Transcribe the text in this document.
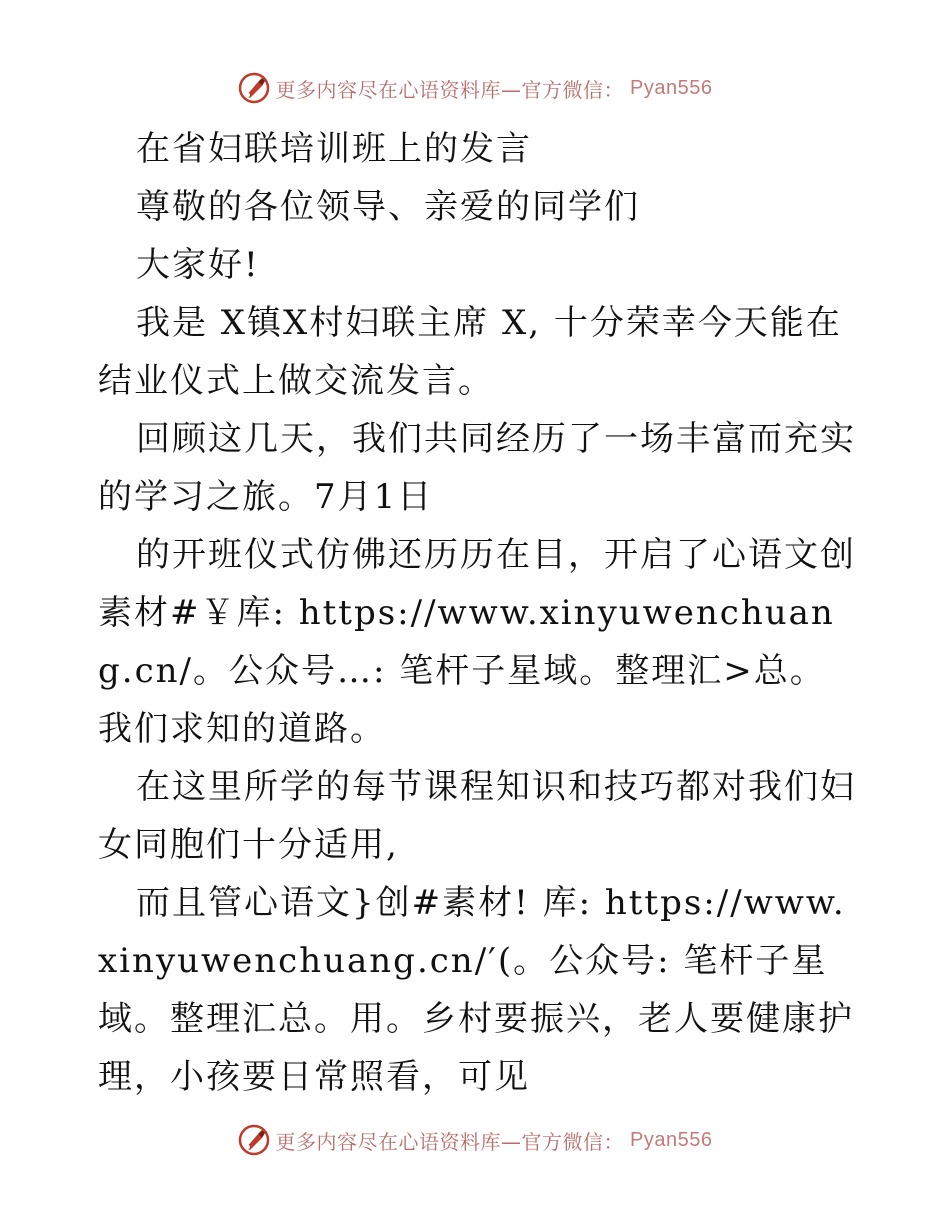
更多内容尽在心语资料库—官方微信： Pyan556

在省妇联培训班上的发言

尊敬的各位领导、亲爱的同学们

大家好!

我是 X镇X村妇联主席 X, 十分荣幸今天能在结业仪式上做交流发言。

回顾这几天，我们共同经历了一场丰富而充实的学习之旅。7月1日

的开班仪式仿佛还历历在目，开启了心语文创素材#￥库: https://www.xinyuwenchuang.cn/。公众号…: 笔杆子星域。整理汇>总。我们求知的道路。

在这里所学的每节课程知识和技巧都对我们妇女同胞们十分适用,

而且管心语文}创#素材! 库: https://www.xinyuwenchuang.cn/′(。公众号: 笔杆子星域。整理汇总。用。乡村要振兴，老人要健康护理，小孩要日常照看，可见

更多内容尽在心语资料库—官方微信： Pyan556
